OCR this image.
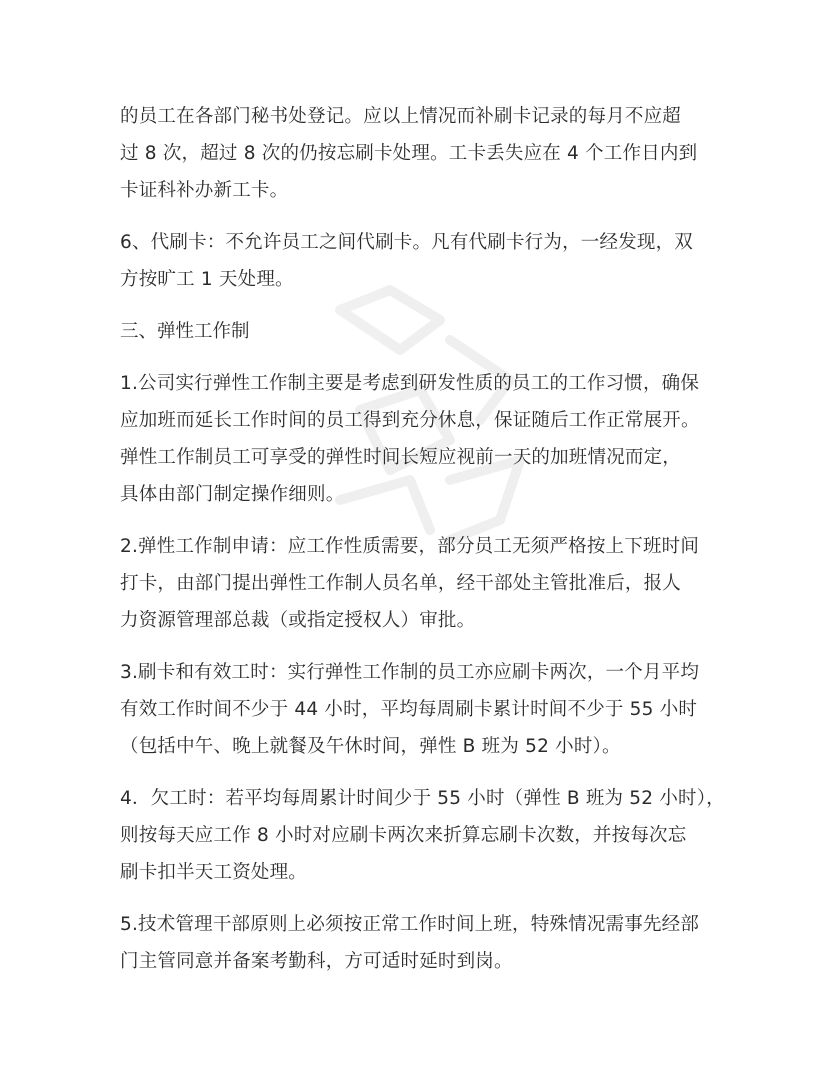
的员工在各部门秘书处登记。应以上情况而补刷卡记录的每月不应超
过 8 次，超过 8 次的仍按忘刷卡处理。工卡丢失应在 4 个工作日内到
卡证科补办新工卡。
6、代刷卡：不允许员工之间代刷卡。凡有代刷卡行为，一经发现，双
方按旷工 1 天处理。
三、弹性工作制
1.公司实行弹性工作制主要是考虑到研发性质的员工的工作习惯，确保
应加班而延长工作时间的员工得到充分休息，保证随后工作正常展开。
弹性工作制员工可享受的弹性时间长短应视前一天的加班情况而定，
具体由部门制定操作细则。
2.弹性工作制申请：应工作性质需要，部分员工无须严格按上下班时间
打卡，由部门提出弹性工作制人员名单，经干部处主管批准后，报人
力资源管理部总裁（或指定授权人）审批。
3.刷卡和有效工时：实行弹性工作制的员工亦应刷卡两次，一个月平均
有效工作时间不少于 44 小时，平均每周刷卡累计时间不少于 55 小时
（包括中午、晚上就餐及午休时间，弹性 B 班为 52 小时）。
4．欠工时：若平均每周累计时间少于 55 小时（弹性 B 班为 52 小时），
则按每天应工作 8 小时对应刷卡两次来折算忘刷卡次数，并按每次忘
刷卡扣半天工资处理。
5.技术管理干部原则上必须按正常工作时间上班，特殊情况需事先经部
门主管同意并备案考勤科，方可适时延时到岗。
